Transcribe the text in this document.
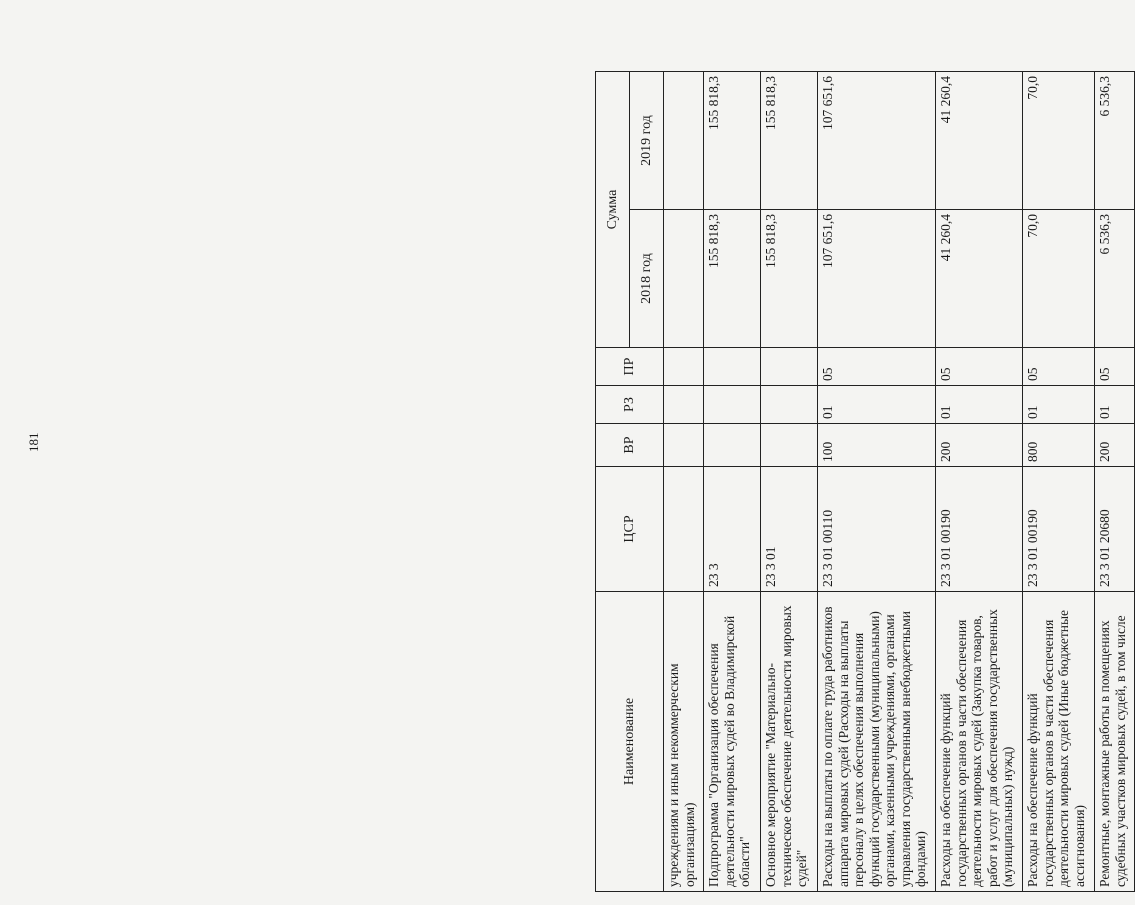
181
Наименование	ЦСР	ВР	РЗ	ПР	Сумма	
					2018 год	2019 год
учреждениям и иным некоммерческим организациям)						
Подпрограмма "Организация обеспечения деятельности мировых судей во Владимирской области"	23 3				155 818,3	155 818,3
Основное мероприятие "Материально-техническое обеспечение деятельности мировых судей"	23 3 01				155 818,3	155 818,3
Расходы на выплаты по оплате труда работников аппарата мировых судей (Расходы на выплаты персоналу в целях обеспечения выполнения функций государственными (муниципальными) органами, казенными учреждениями, органами управления государственными внебюджетными фондами)	23 3 01 00110	100	01	05	107 651,6	107 651,6
Расходы на обеспечение функций государственных органов в части обеспечения деятельности мировых судей (Закупка товаров, работ и услуг для обеспечения государственных (муниципальных) нужд)	23 3 01 00190	200	01	05	41 260,4	41 260,4
Расходы на обеспечение функций государственных органов в части обеспечения деятельности мировых судей (Иные бюджетные ассигнования)	23 3 01 00190	800	01	05	70,0	70,0
Ремонтные, монтажные работы в помещениях судебных участков мировых судей, в том числе	23 3 01 20680	200	01	05	6 536,3	6 536,3
